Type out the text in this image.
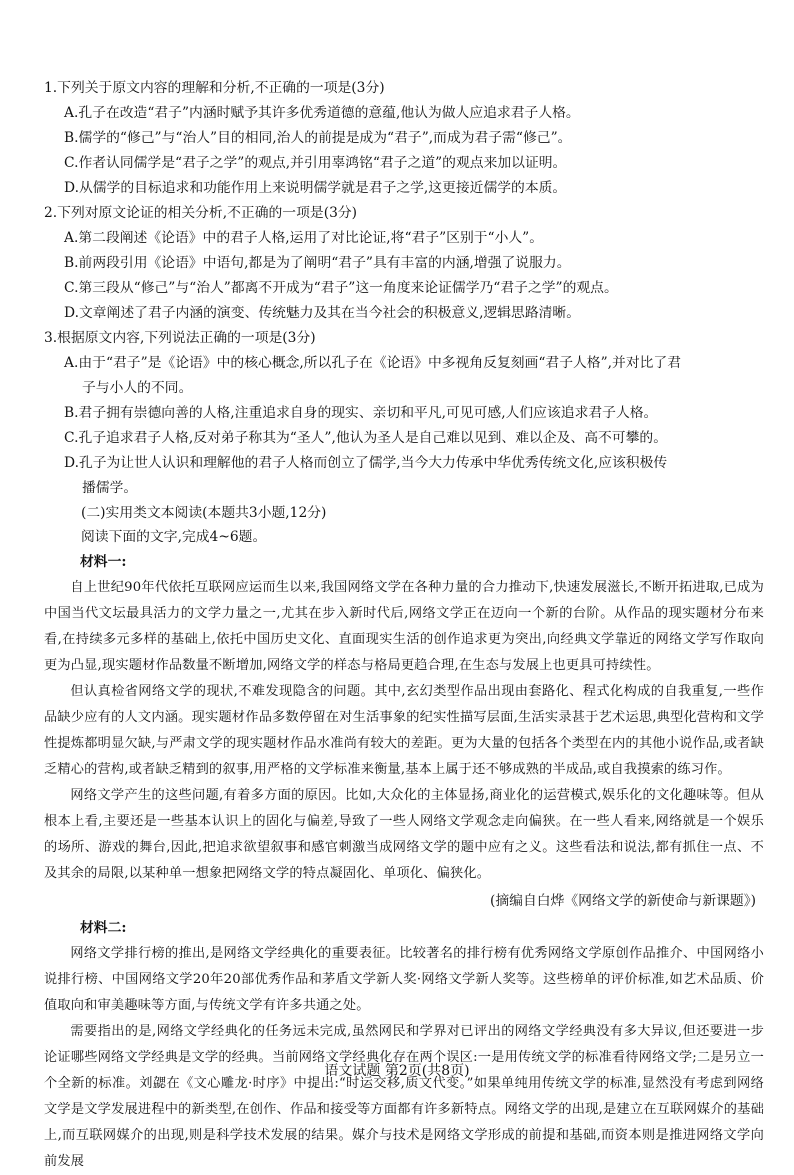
1.下列关于原文内容的理解和分析,不正确的一项是(3分)

A.孔子在改造“君子”内涵时赋予其许多优秀道德的意蕴,他认为做人应追求君子人格。

B.儒学的“修己”与“治人”目的相同,治人的前提是成为“君子”,而成为君子需“修己”。

C.作者认同儒学是“君子之学”的观点,并引用辜鸿铭“君子之道”的观点来加以证明。

D.从儒学的目标追求和功能作用上来说明儒学就是君子之学,这更接近儒学的本质。

2.下列对原文论证的相关分析,不正确的一项是(3分)

A.第二段阐述《论语》中的君子人格,运用了对比论证,将“君子”区别于“小人”。

B.前两段引用《论语》中语句,都是为了阐明“君子”具有丰富的内涵,增强了说服力。

C.第三段从“修己”与“治人”都离不开成为“君子”这一角度来论证儒学乃“君子之学”的观点。

D.文章阐述了君子内涵的演变、传统魅力及其在当今社会的积极意义,逻辑思路清晰。

3.根据原文内容,下列说法正确的一项是(3分)

A.由于“君子”是《论语》中的核心概念,所以孔子在《论语》中多视角反复刻画“君子人格”,并对比了君

子与小人的不同。

B.君子拥有崇德向善的人格,注重追求自身的现实、亲切和平凡,可见可感,人们应该追求君子人格。

C.孔子追求君子人格,反对弟子称其为“圣人”,他认为圣人是自己难以见到、难以企及、高不可攀的。

D.孔子为让世人认识和理解他的君子人格而创立了儒学,当今大力传承中华优秀传统文化,应该积极传

播儒学。

(二)实用类文本阅读(本题共3小题,12分)
阅读下面的文字,完成4~6题。
材料一:

自上世纪90年代依托互联网应运而生以来,我国网络文学在各种力量的合力推动下,快速发展滋长,不断开拓进取,已成为中国当代文坛最具活力的文学力量之一,尤其在步入新时代后,网络文学正在迈向一个新的台阶。从作品的现实题材分布来看,在持续多元多样的基础上,依托中国历史文化、直面现实生活的创作追求更为突出,向经典文学靠近的网络文学写作取向更为凸显,现实题材作品数量不断增加,网络文学的样态与格局更趋合理,在生态与发展上也更具可持续性。

但认真检省网络文学的现状,不难发现隐含的问题。其中,玄幻类型作品出现由套路化、程式化构成的自我重复,一些作品缺少应有的人文内涵。现实题材作品多数停留在对生活事象的纪实性描写层面,生活实录甚于艺术运思,典型化营构和文学性提炼都明显欠缺,与严肃文学的现实题材作品水准尚有较大的差距。更为大量的包括各个类型在内的其他小说作品,或者缺乏精心的营构,或者缺乏精到的叙事,用严格的文学标准来衡量,基本上属于还不够成熟的半成品,或自我摸索的练习作。

网络文学产生的这些问题,有着多方面的原因。比如,大众化的主体显扬,商业化的运营模式,娱乐化的文化趣味等。但从根本上看,主要还是一些基本认识上的固化与偏差,导致了一些人网络文学观念走向偏狭。在一些人看来,网络就是一个娱乐的场所、游戏的舞台,因此,把追求欲望叙事和感官刺激当成网络文学的题中应有之义。这些看法和说法,都有抓住一点、不及其余的局限,以某种单一想象把网络文学的特点凝固化、单项化、偏狭化。

(摘编自白烨《网络文学的新使命与新课题》)
材料二:

网络文学排行榜的推出,是网络文学经典化的重要表征。比较著名的排行榜有优秀网络文学原创作品推介、中国网络小说排行榜、中国网络文学20年20部优秀作品和茅盾文学新人奖·网络文学新人奖等。这些榜单的评价标准,如艺术品质、价值取向和审美趣味等方面,与传统文学有许多共通之处。

需要指出的是,网络文学经典化的任务远未完成,虽然网民和学界对已评出的网络文学经典没有多大异议,但还要进一步论证哪些网络文学经典是文学的经典。当前网络文学经典化存在两个误区:一是用传统文学的标准看待网络文学;二是另立一个全新的标准。刘勰在《文心雕龙·时序》中提出:“时运交移,质文代变。”如果单纯用传统文学的标准,显然没有考虑到网络文学是文学发展进程中的新类型,在创作、作品和接受等方面都有许多新特点。网络文学的出现,是建立在互联网媒介的基础上,而互联网媒介的出现,则是科学技术发展的结果。媒介与技术是网络文学形成的前提和基础,而资本则是推进网络文学向前发展

语文试题 第2页(共8页)
